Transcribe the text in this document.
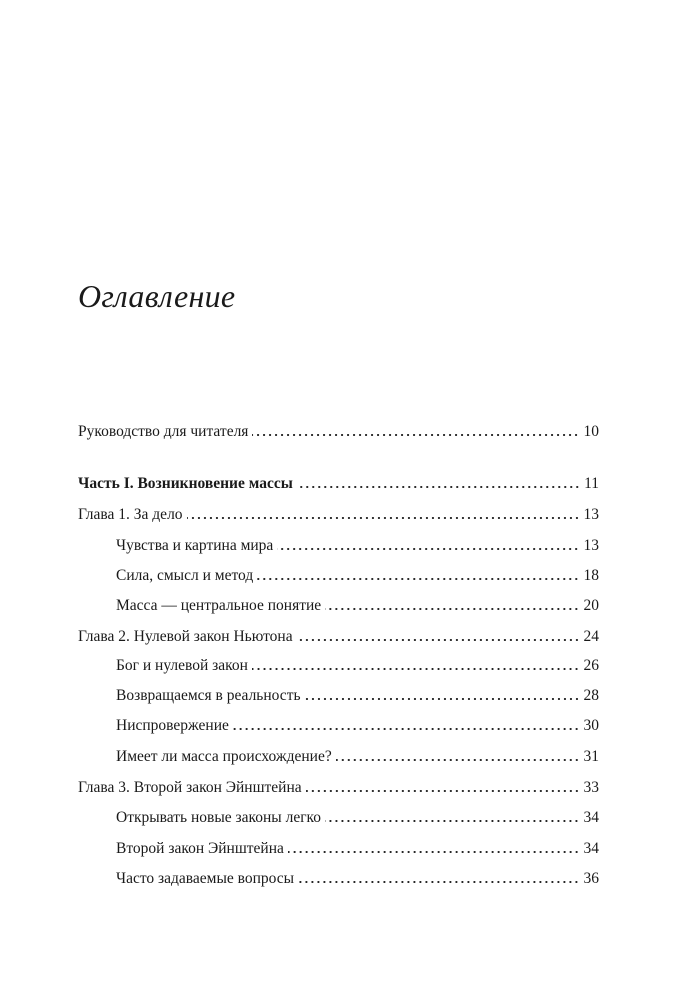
Оглавление
Руководство для читателя	10
Часть I. Возникновение массы	11
Глава 1. За дело	13
Чувства и картина мира	13
Сила, смысл и метод	18
Масса — центральное понятие	20
Глава 2. Нулевой закон Ньютона	24
Бог и нулевой закон	26
Возвращаемся в реальность	28
Ниспровержение	30
Имеет ли масса происхождение?	31
Глава 3. Второй закон Эйнштейна	33
Открывать новые законы легко	34
Второй закон Эйнштейна	34
Часто задаваемые вопросы	36
